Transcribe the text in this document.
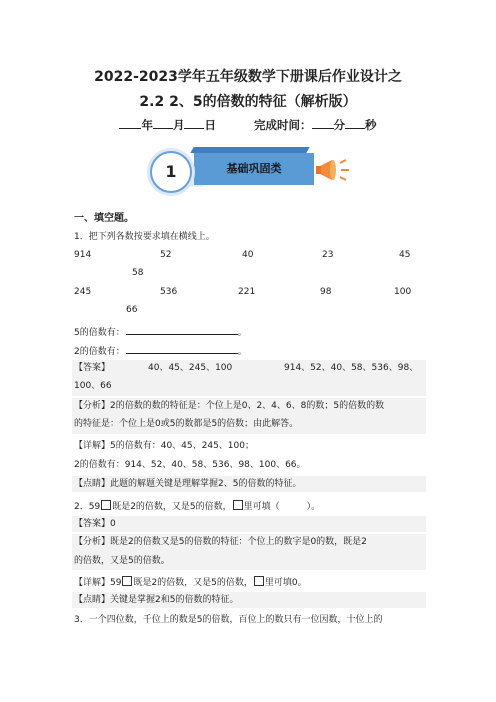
2022-2023学年五年级数学下册课后作业设计之
2.2 2、5的倍数的特征（解析版）
年 月 日	完成时间： 分 秒
1	基础巩固类
一、填空题。
1．把下列各数按要求填在横线上。
914	52	40	23	45
58
245	536	221	98	100
66
5的倍数有：	。
2的倍数有：	。
【答案】	40、45、245、100	914、52、40、58、536、98、
100、66
【分析】2的倍数的数的特征是：个位上是0、2、4、6、8的数；5的倍数的数
的特征是：个位上是0或5的数都是5的倍数；由此解答。
【详解】5的倍数有：40、45、245、100；
2的倍数有：914、52、40、58、536、98、100、66。
【点睛】此题的解题关键是理解掌握2、5的倍数的特征。
2．59 既是2的倍数，又是5的倍数， 里可填（　　　）。
【答案】0
【分析】既是2的倍数又是5的倍数的特征：个位上的数字是0的数，既是2
的倍数，又是5的倍数。
【详解】59 既是2的倍数，又是5的倍数， 里可填0。
【点睛】关键是掌握2和5的倍数的特征。
3．一个四位数，千位上的数是5的倍数，百位上的数只有一位因数，十位上的
